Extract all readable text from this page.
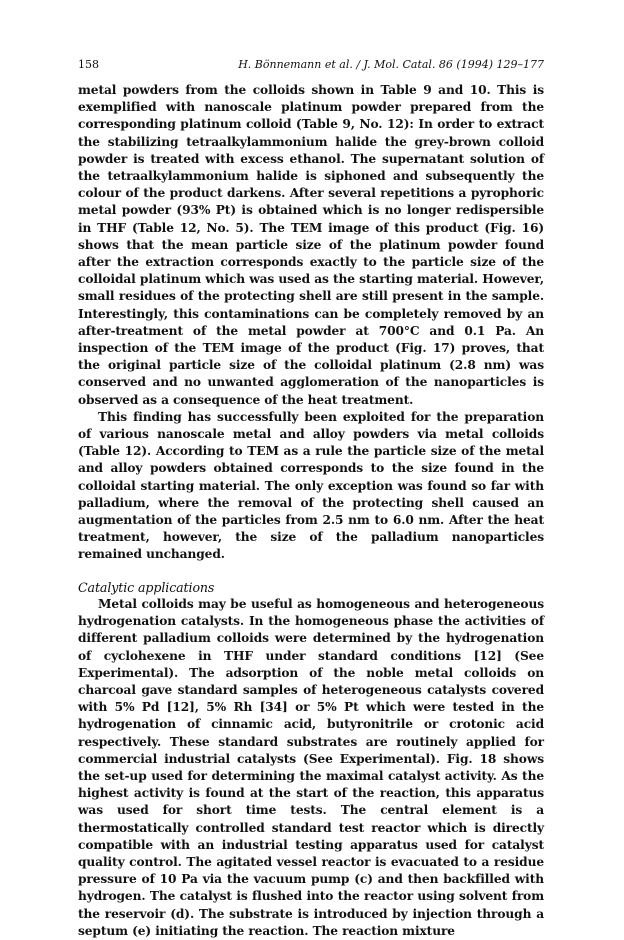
158	H. Bönnemann et al. / J. Mol. Catal. 86 (1994) 129–177

metal powders from the colloids shown in Table 9 and 10. This is exemplified with nanoscale platinum powder prepared from the corresponding platinum colloid (Table 9, No. 12): In order to extract the stabilizing tetraalkylammonium halide the grey-brown colloid powder is treated with excess ethanol. The supernatant solution of the tetraalkylammonium halide is siphoned and subsequently the colour of the product darkens. After several repetitions a pyrophoric metal powder (93% Pt) is obtained which is no longer redispersible in THF (Table 12, No. 5). The TEM image of this product (Fig. 16) shows that the mean particle size of the platinum powder found after the extraction corresponds exactly to the particle size of the colloidal platinum which was used as the starting material. However, small residues of the protecting shell are still present in the sample. Interestingly, this contaminations can be completely removed by an after-treatment of the metal powder at 700°C and 0.1 Pa. An inspection of the TEM image of the product (Fig. 17) proves, that the original particle size of the colloidal platinum (2.8 nm) was conserved and no unwanted agglomeration of the nanoparticles is observed as a consequence of the heat treatment.

This finding has successfully been exploited for the preparation of various nanoscale metal and alloy powders via metal colloids (Table 12). According to TEM as a rule the particle size of the metal and alloy powders obtained corresponds to the size found in the colloidal starting material. The only exception was found so far with palladium, where the removal of the protecting shell caused an augmentation of the particles from 2.5 nm to 6.0 nm. After the heat treatment, however, the size of the palladium nanoparticles remained unchanged.

Catalytic applications

Metal colloids may be useful as homogeneous and heterogeneous hydrogenation catalysts. In the homogeneous phase the activities of different palladium colloids were determined by the hydrogenation of cyclohexene in THF under standard conditions [12] (See Experimental). The adsorption of the noble metal colloids on charcoal gave standard samples of heterogeneous catalysts covered with 5% Pd [12], 5% Rh [34] or 5% Pt which were tested in the hydrogenation of cinnamic acid, butyronitrile or crotonic acid respectively. These standard substrates are routinely applied for commercial industrial catalysts (See Experimental). Fig. 18 shows the set-up used for determining the maximal catalyst activity. As the highest activity is found at the start of the reaction, this apparatus was used for short time tests. The central element is a thermostatically controlled standard test reactor which is directly compatible with an industrial testing apparatus used for catalyst quality control. The agitated vessel reactor is evacuated to a residue pressure of 10 Pa via the vacuum pump (c) and then backfilled with hydrogen. The catalyst is flushed into the reactor using solvent from the reservoir (d). The substrate is introduced by injection through a septum (e) initiating the reaction. The reaction mixture
